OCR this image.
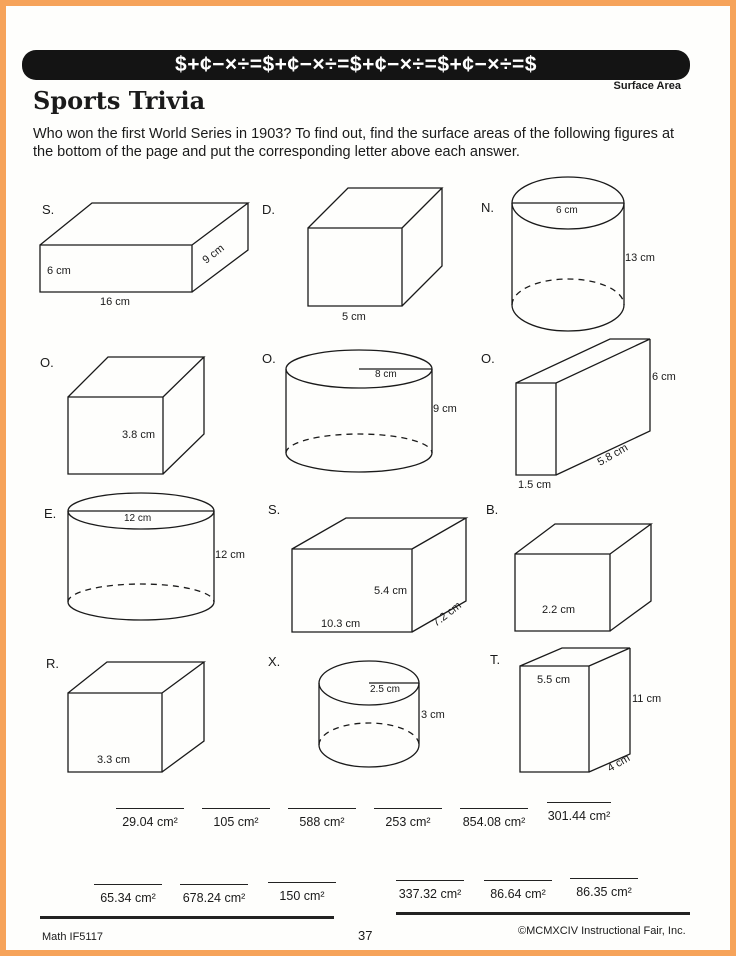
$+¢−×÷=$+¢−×÷=$+¢−×÷=$+¢−×÷=$
Surface Area
Sports Trivia
Who won the first World Series in 1903? To find out, find the surface areas of the following figures at the bottom of the page and put the corresponding letter above each answer.
S.
6 cm
9 cm
16 cm
D.
5 cm
N.	6 cm
13 cm
O.
3.8 cm
O.
8 cm
9 cm
O.
6 cm
5.8 cm
1.5 cm
E.	12 cm
12 cm
S.
5.4 cm
10.3 cm	7.2 cm
B.
2.2 cm
R.
3.3 cm
X.
2.5 cm
3 cm
T.
5.5 cm
11 cm
4 cm
29.04 cm²	105 cm²	588 cm²	253 cm²	854.08 cm²	301.44 cm²
65.34 cm²	678.24 cm²	150 cm²	337.32 cm²	86.64 cm²	86.35 cm²
Math IF5117	37	©MCMXCIV Instructional Fair, Inc.
